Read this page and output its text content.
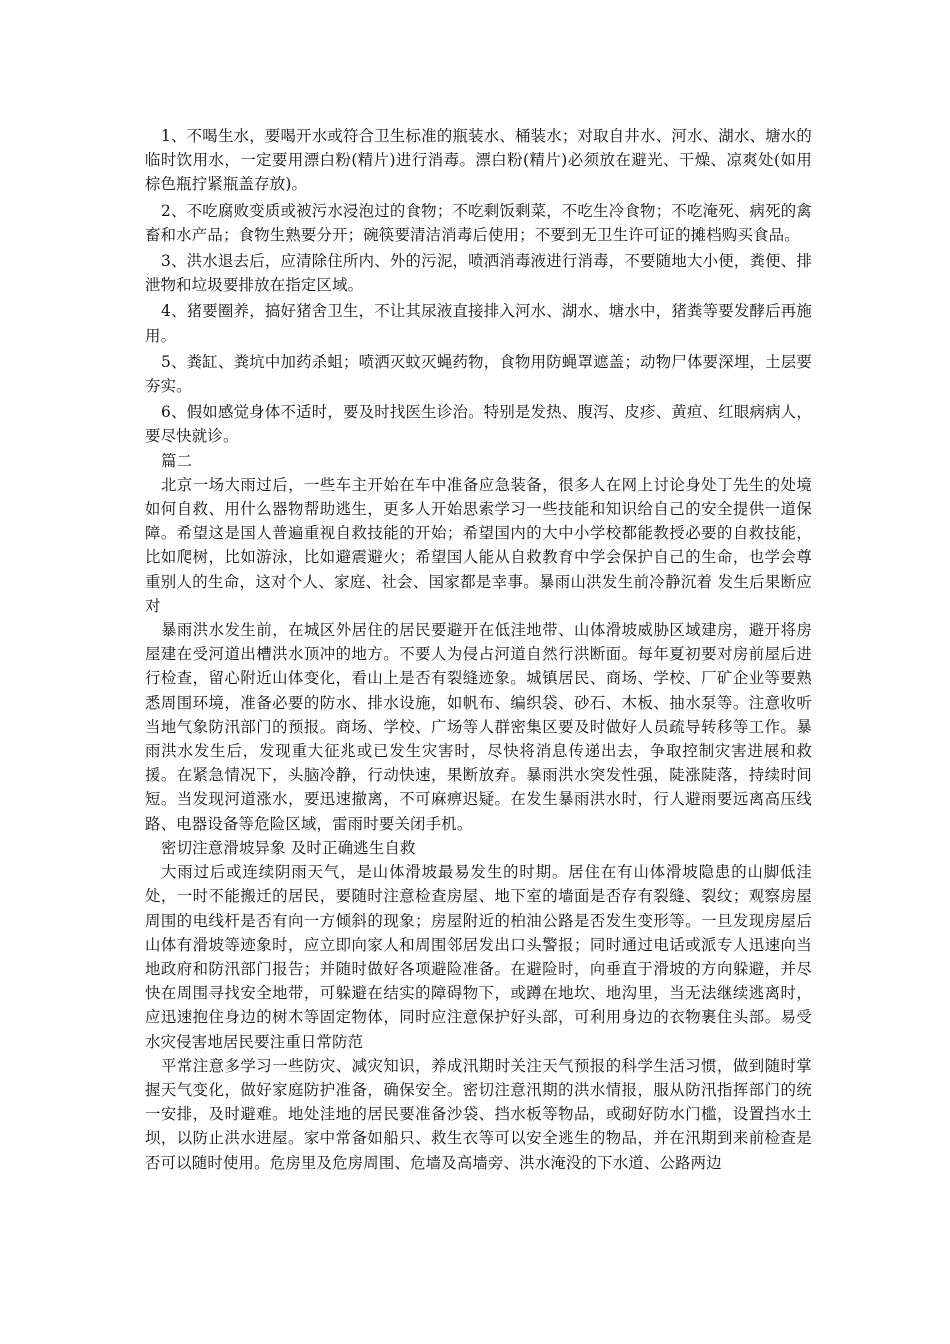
1、不喝生水，要喝开水或符合卫生标准的瓶装水、桶装水；对取自井水、河水、湖水、塘水的临时饮用水，一定要用漂白粉(精片)进行消毒。漂白粉(精片)必须放在避光、干燥、凉爽处(如用棕色瓶拧紧瓶盖存放)。

2、不吃腐败变质或被污水浸泡过的食物；不吃剩饭剩菜，不吃生冷食物；不吃淹死、病死的禽畜和水产品；食物生熟要分开；碗筷要清洁消毒后使用；不要到无卫生许可证的摊档购买食品。

3、洪水退去后，应清除住所内、外的污泥，喷洒消毒液进行消毒，不要随地大小便，粪便、排泄物和垃圾要排放在指定区域。

4、猪要圈养，搞好猪舍卫生，不让其尿液直接排入河水、湖水、塘水中，猪粪等要发酵后再施用。

5、粪缸、粪坑中加药杀蛆；喷洒灭蚊灭蝇药物，食物用防蝇罩遮盖；动物尸体要深埋，土层要夯实。

6、假如感觉身体不适时，要及时找医生诊治。特别是发热、腹泻、皮疹、黄疸、红眼病病人，要尽快就诊。

篇二

北京一场大雨过后，一些车主开始在车中准备应急装备，很多人在网上讨论身处丁先生的处境如何自救、用什么器物帮助逃生，更多人开始思索学习一些技能和知识给自己的安全提供一道保障。希望这是国人普遍重视自救技能的开始；希望国内的大中小学校都能教授必要的自救技能，比如爬树，比如游泳，比如避震避火；希望国人能从自救教育中学会保护自己的生命，也学会尊重别人的生命，这对个人、家庭、社会、国家都是幸事。暴雨山洪发生前冷静沉着 发生后果断应对

暴雨洪水发生前，在城区外居住的居民要避开在低洼地带、山体滑坡威胁区域建房，避开将房屋建在受河道出槽洪水顶冲的地方。不要人为侵占河道自然行洪断面。每年夏初要对房前屋后进行检查，留心附近山体变化，看山上是否有裂缝迹象。城镇居民、商场、学校、厂矿企业等要熟悉周围环境，准备必要的防水、排水设施，如帆布、编织袋、砂石、木板、抽水泵等。注意收听当地气象防汛部门的预报。商场、学校、广场等人群密集区要及时做好人员疏导转移等工作。暴雨洪水发生后，发现重大征兆或已发生灾害时，尽快将消息传递出去，争取控制灾害进展和救援。在紧急情况下，头脑冷静，行动快速，果断放弃。暴雨洪水突发性强，陡涨陡落，持续时间短。当发现河道涨水，要迅速撤离，不可麻痹迟疑。在发生暴雨洪水时，行人避雨要远离高压线路、电器设备等危险区域，雷雨时要关闭手机。

密切注意滑坡异象 及时正确逃生自救

大雨过后或连续阴雨天气，是山体滑坡最易发生的时期。居住在有山体滑坡隐患的山脚低洼处，一时不能搬迁的居民，要随时注意检查房屋、地下室的墙面是否存有裂缝、裂纹；观察房屋周围的电线杆是否有向一方倾斜的现象；房屋附近的柏油公路是否发生变形等。一旦发现房屋后山体有滑坡等迹象时，应立即向家人和周围邻居发出口头警报；同时通过电话或派专人迅速向当地政府和防汛部门报告；并随时做好各项避险准备。在避险时，向垂直于滑坡的方向躲避，并尽快在周围寻找安全地带，可躲避在结实的障碍物下，或蹲在地坎、地沟里，当无法继续逃离时，应迅速抱住身边的树木等固定物体，同时应注意保护好头部，可利用身边的衣物裹住头部。易受水灾侵害地居民要注重日常防范

平常注意多学习一些防灾、减灾知识，养成汛期时关注天气预报的科学生活习惯，做到随时掌握天气变化，做好家庭防护准备，确保安全。密切注意汛期的洪水情报，服从防汛指挥部门的统一安排，及时避难。地处洼地的居民要准备沙袋、挡水板等物品，或砌好防水门槛，设置挡水土坝，以防止洪水进屋。家中常备如船只、救生衣等可以安全逃生的物品，并在汛期到来前检查是否可以随时使用。危房里及危房周围、危墙及高墙旁、洪水淹没的下水道、公路两边
